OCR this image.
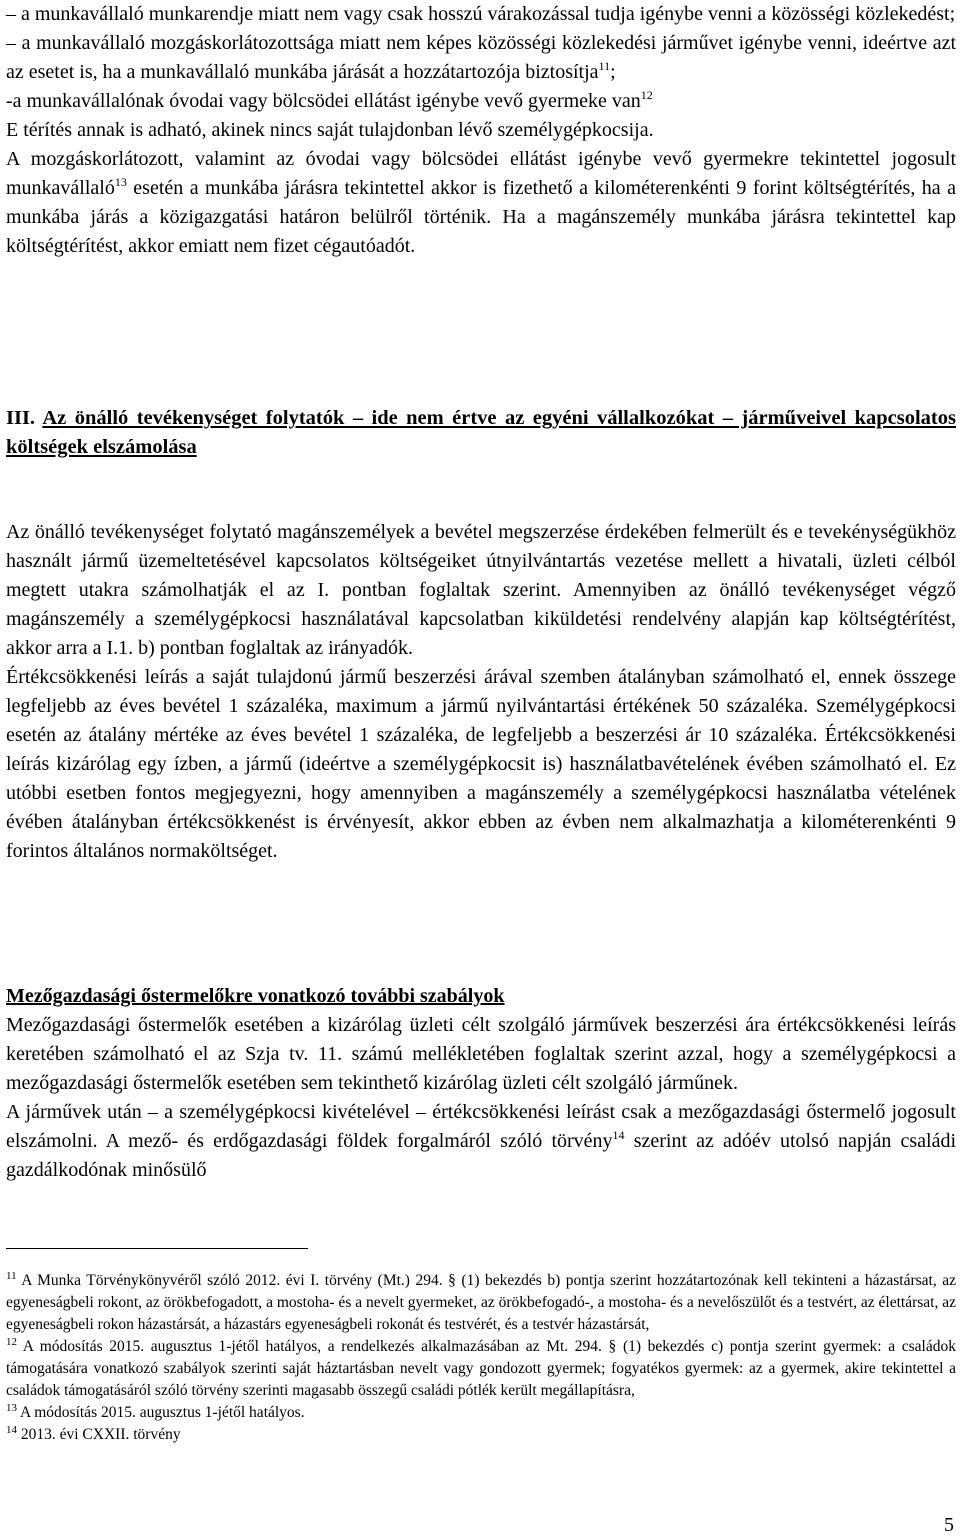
– a munkavállaló munkarendje miatt nem vagy csak hosszú várakozással tudja igénybe venni a közösségi közlekedést;

– a munkavállaló mozgáskorlátozottsága miatt nem képes közösségi közlekedési járművet igénybe venni, ideértve azt az esetet is, ha a munkavállaló munkába járását a hozzátartozója biztosítja$^{11}$;

-a munkavállalónak óvodai vagy bölcsödei ellátást igénybe vevő gyermeke van$^{12}$

E térítés annak is adható, akinek nincs saját tulajdonban lévő személygépkocsija.

A mozgáskorlátozott, valamint az óvodai vagy bölcsödei ellátást igénybe vevő gyermekre tekintettel jogosult munkavállaló$^{13}$ esetén a munkába járásra tekintettel akkor is fizethető a kilométerenkénti 9 forint költségtérítés, ha a munkába járás a közigazgatási határon belülről történik. Ha a magánszemély munkába járásra tekintettel kap költségtérítést, akkor emiatt nem fizet cégautóadót.

III. Az önálló tevékenységet folytatók – ide nem értve az egyéni vállalkozókat – járműveivel kapcsolatos költségek elszámolása

Az önálló tevékenységet folytató magánszemélyek a bevétel megszerzése érdekében felmerült és e tevekénységükhöz használt jármű üzemeltetésével kapcsolatos költségeiket útnyilvántartás vezetése mellett a hivatali, üzleti célból megtett utakra számolhatják el az I. pontban foglaltak szerint. Amennyiben az önálló tevékenységet végző magánszemély a személygépkocsi használatával kapcsolatban kiküldetési rendelvény alapján kap költségtérítést, akkor arra a I.1. b) pontban foglaltak az irányadók.

Értékcsökkenési leírás a saját tulajdonú jármű beszerzési árával szemben átalányban számolható el, ennek összege legfeljebb az éves bevétel 1 százaléka, maximum a jármű nyilvántartási értékének 50 százaléka. Személygépkocsi esetén az átalány mértéke az éves bevétel 1 százaléka, de legfeljebb a beszerzési ár 10 százaléka. Értékcsökkenési leírás kizárólag egy ízben, a jármű (ideértve a személygépkocsit is) használatbavételének évében számolható el. Ez utóbbi esetben fontos megjegyezni, hogy amennyiben a magánszemély a személygépkocsi használatba vételének évében átalányban értékcsökkenést is érvényesít, akkor ebben az évben nem alkalmazhatja a kilométerenkénti 9 forintos általános normaköltséget.

Mezőgazdasági őstermelőkre vonatkozó további szabályok

Mezőgazdasági őstermelők esetében a kizárólag üzleti célt szolgáló járművek beszerzési ára értékcsökkenési leírás keretében számolható el az Szja tv. 11. számú mellékletében foglaltak szerint azzal, hogy a személygépkocsi a mezőgazdasági őstermelők esetében sem tekinthető kizárólag üzleti célt szolgáló járműnek.

A járművek után – a személygépkocsi kivételével – értékcsökkenési leírást csak a mezőgazdasági őstermelő jogosult elszámolni. A mező- és erdőgazdasági földek forgalmáról szóló törvény$^{14}$ szerint az adóév utolsó napján családi gazdálkodónak minősülő

$^{11}$ A Munka Törvénykönyvéről szóló 2012. évi I. törvény (Mt.) 294. § (1) bekezdés b) pontja szerint hozzátartozónak kell tekinteni a házastársat, az egyeneságbeli rokont, az örökbefogadott, a mostoha- és a nevelt gyermeket, az örökbefogadó-, a mostoha- és a nevelőszülőt és a testvért, az élettársat, az egyeneságbeli rokon házastársát, a házastárs egyeneságbeli rokonát és testvérét, és a testvér házastársát,

$^{12}$ A módosítás 2015. augusztus 1-jétől hatályos, a rendelkezés alkalmazásában az Mt. 294. § (1) bekezdés c) pontja szerint gyermek: a családok támogatására vonatkozó szabályok szerinti saját háztartásban nevelt vagy gondozott gyermek; fogyatékos gyermek: az a gyermek, akire tekintettel a családok támogatásáról szóló törvény szerinti magasabb összegű családi pótlék került megállapításra,

$^{13}$ A módosítás 2015. augusztus 1-jétől hatályos.

$^{14}$ 2013. évi CXXII. törvény

5
